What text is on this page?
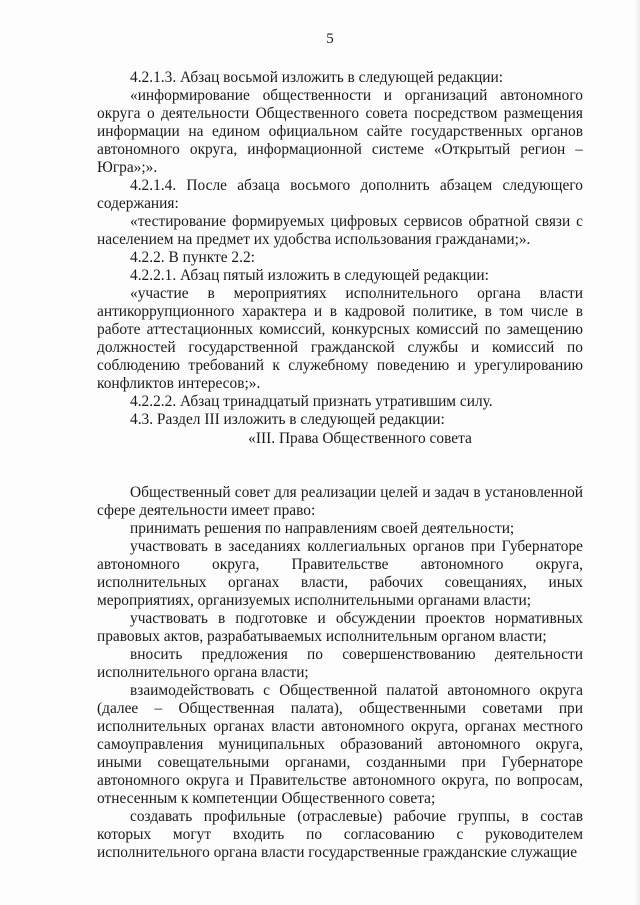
5

4.2.1.3. Абзац восьмой изложить в следующей редакции:

«информирование общественности и организаций автономного округа о деятельности Общественного совета посредством размещения информации на едином официальном сайте государственных органов автономного округа, информационной системе «Открытый регион – Югра»;».

4.2.1.4. После абзаца восьмого дополнить абзацем следующего содержания:

«тестирование формируемых цифровых сервисов обратной связи с населением на предмет их удобства использования гражданами;».

4.2.2. В пункте 2.2:

4.2.2.1. Абзац пятый изложить в следующей редакции:

«участие в мероприятиях исполнительного органа власти антикоррупционного характера и в кадровой политике, в том числе в работе аттестационных комиссий, конкурсных комиссий по замещению должностей государственной гражданской службы и комиссий по соблюдению требований к служебному поведению и урегулированию конфликтов интересов;».

4.2.2.2. Абзац тринадцатый признать утратившим силу.

4.3. Раздел III изложить в следующей редакции:

«III. Права Общественного совета

Общественный совет для реализации целей и задач в установленной сфере деятельности имеет право:

принимать решения по направлениям своей деятельности;

участвовать в заседаниях коллегиальных органов при Губернаторе автономного округа, Правительстве автономного округа, исполнительных органах власти, рабочих совещаниях, иных мероприятиях, организуемых исполнительными органами власти;

участвовать в подготовке и обсуждении проектов нормативных правовых актов, разрабатываемых исполнительным органом власти;

вносить предложения по совершенствованию деятельности исполнительного органа власти;

взаимодействовать с Общественной палатой автономного округа (далее – Общественная палата), общественными советами при исполнительных органах власти автономного округа, органах местного самоуправления муниципальных образований автономного округа, иными совещательными органами, созданными при Губернаторе автономного округа и Правительстве автономного округа, по вопросам, отнесенным к компетенции Общественного совета;

создавать профильные (отраслевые) рабочие группы, в состав которых могут входить по согласованию с руководителем исполнительного органа власти государственные гражданские служащие
